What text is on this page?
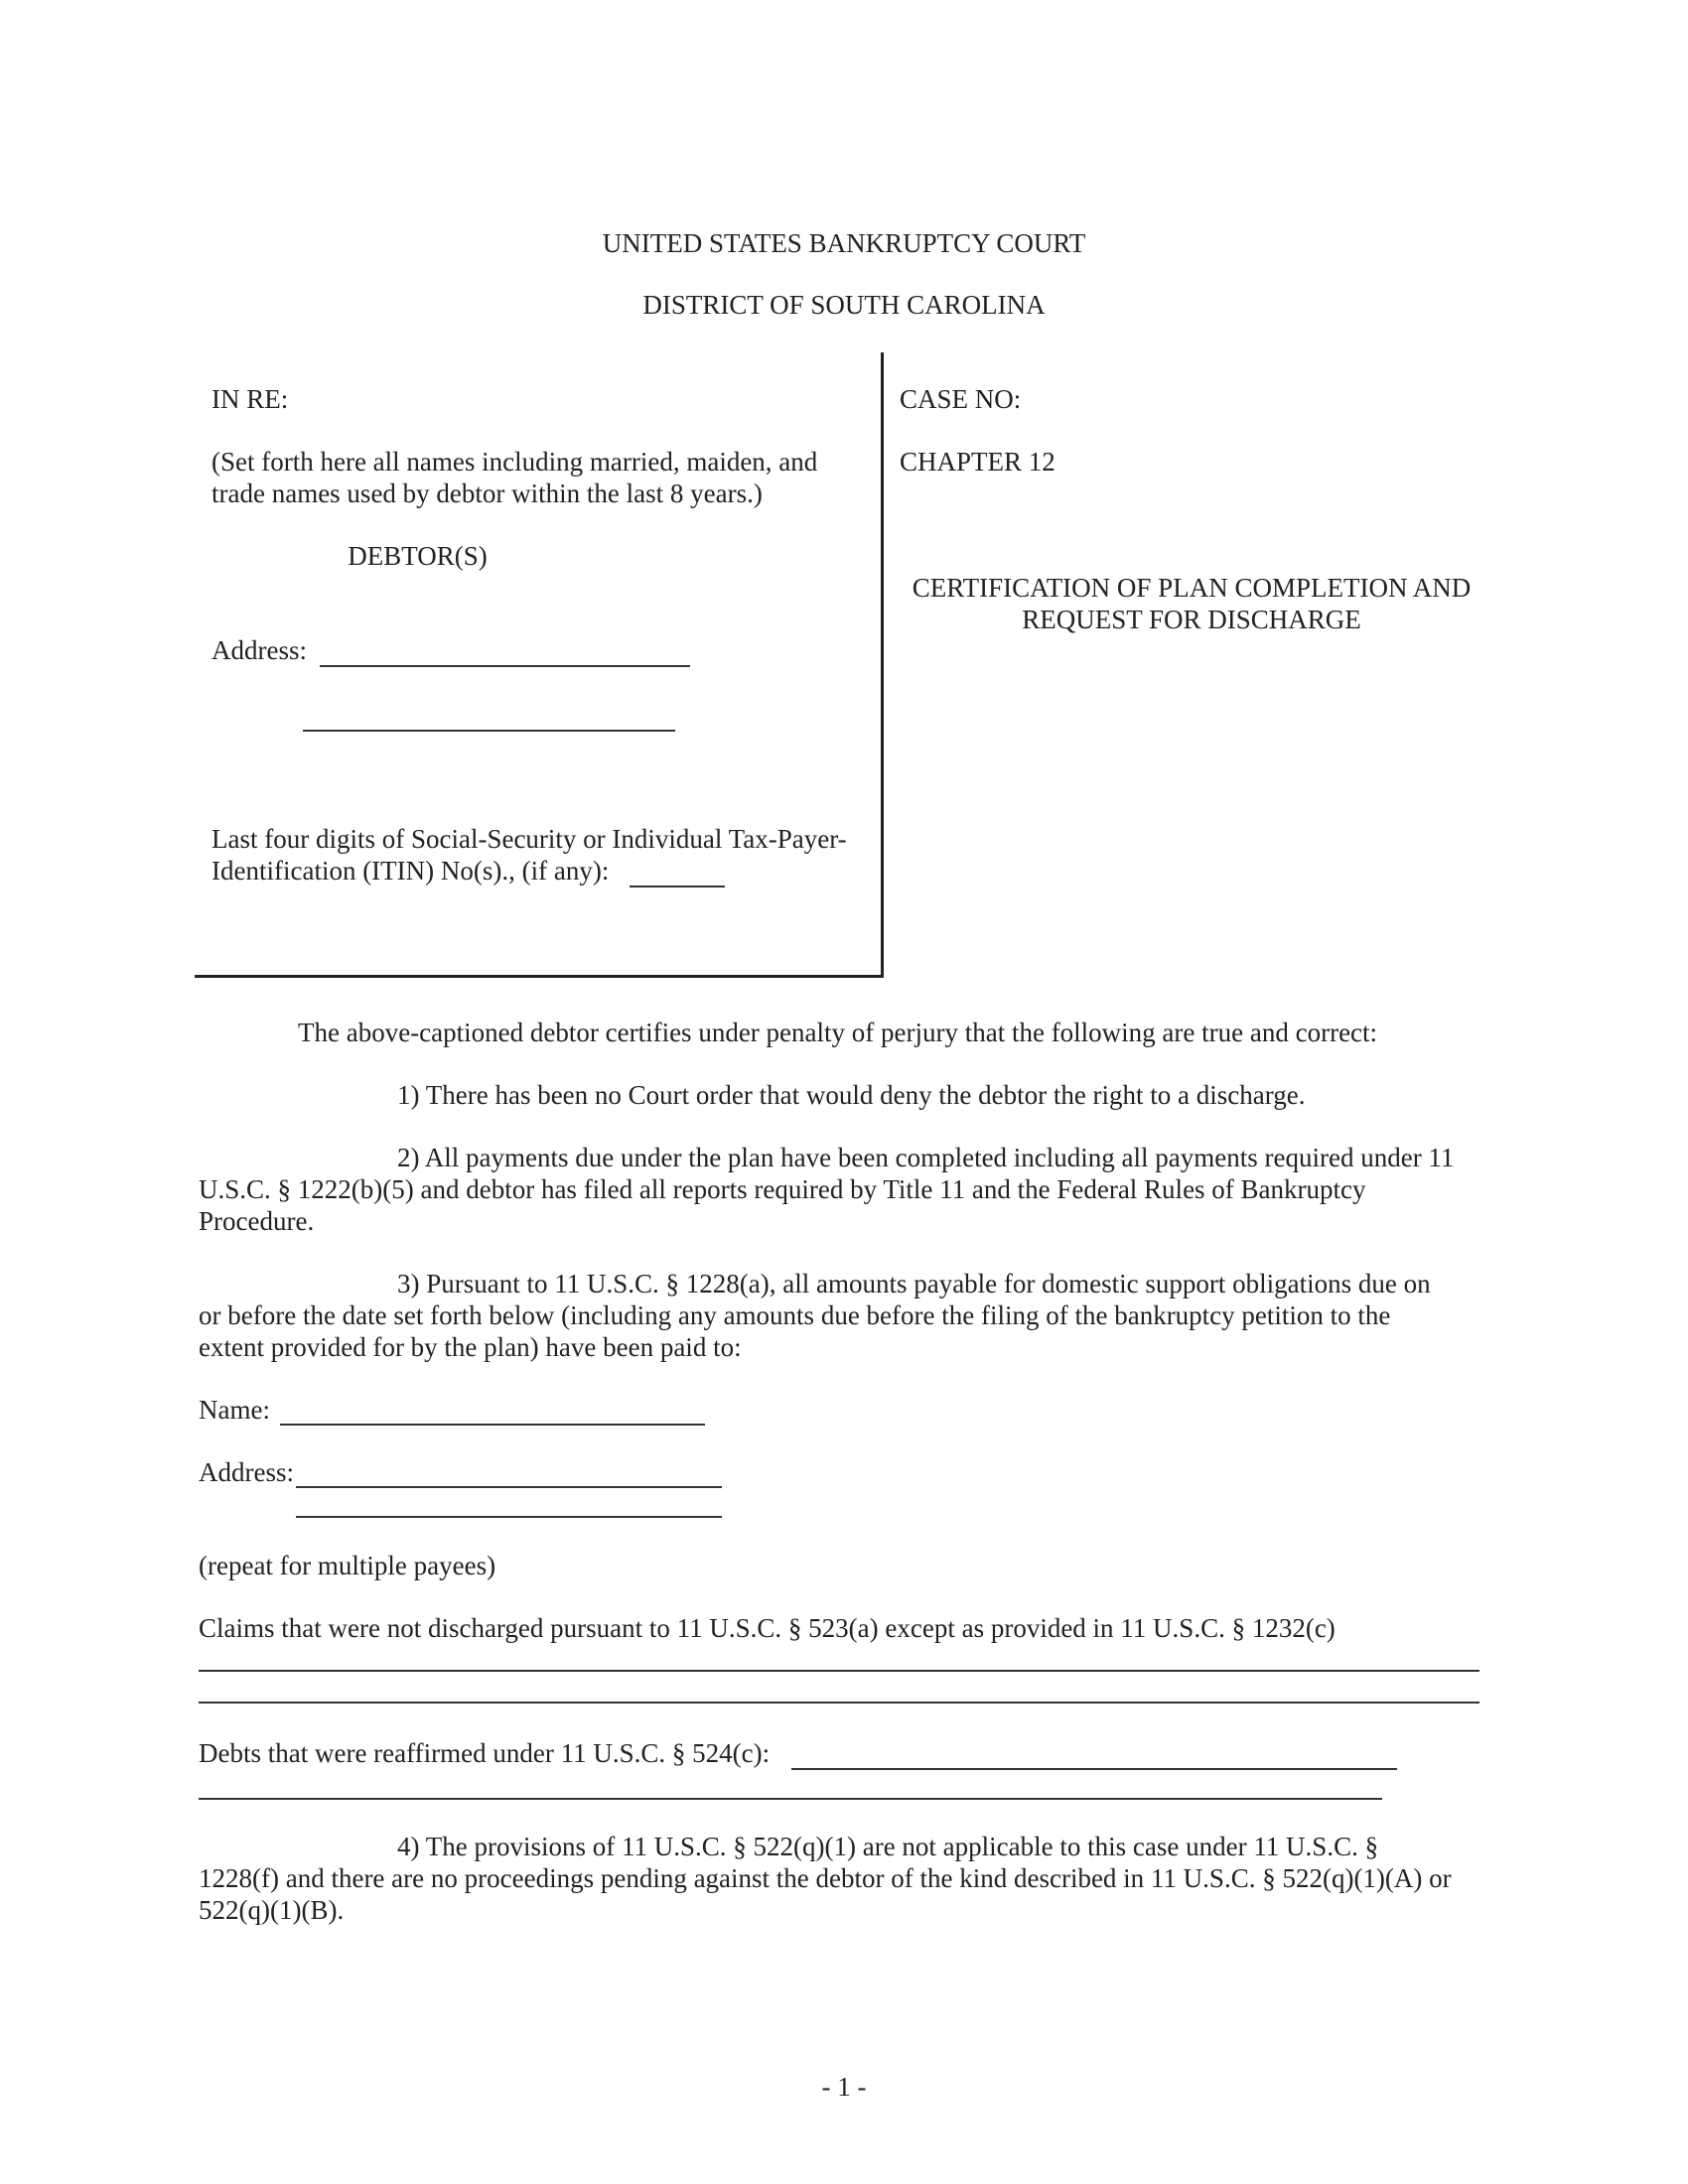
UNITED STATES BANKRUPTCY COURT
DISTRICT OF SOUTH CAROLINA
IN RE:
(Set forth here all names including married, maiden, and
trade names used by debtor within the last 8 years.)
DEBTOR(S)
Address:
Last four digits of Social-Security or Individual Tax-Payer-
Identification (ITIN) No(s)., (if any):
CASE NO:
CHAPTER 12
CERTIFICATION OF PLAN COMPLETION AND
REQUEST FOR DISCHARGE
The above-captioned debtor certifies under penalty of perjury that the following are true and correct:
1) There has been no Court order that would deny the debtor the right to a discharge.
2) All payments due under the plan have been completed including all payments required under 11
U.S.C. § 1222(b)(5) and debtor has filed all reports required by Title 11 and the Federal Rules of Bankruptcy
Procedure.
3) Pursuant to 11 U.S.C. § 1228(a), all amounts payable for domestic support obligations due on
or before the date set forth below (including any amounts due before the filing of the bankruptcy petition to the
extent provided for by the plan) have been paid to:
Name:
Address:
(repeat for multiple payees)
Claims that were not discharged pursuant to 11 U.S.C. § 523(a) except as provided in 11 U.S.C. § 1232(c)
Debts that were reaffirmed under 11 U.S.C. § 524(c):
4) The provisions of 11 U.S.C. § 522(q)(1) are not applicable to this case under 11 U.S.C. §
1228(f) and there are no proceedings pending against the debtor of the kind described in 11 U.S.C. § 522(q)(1)(A) or
522(q)(1)(B).
- 1 -
